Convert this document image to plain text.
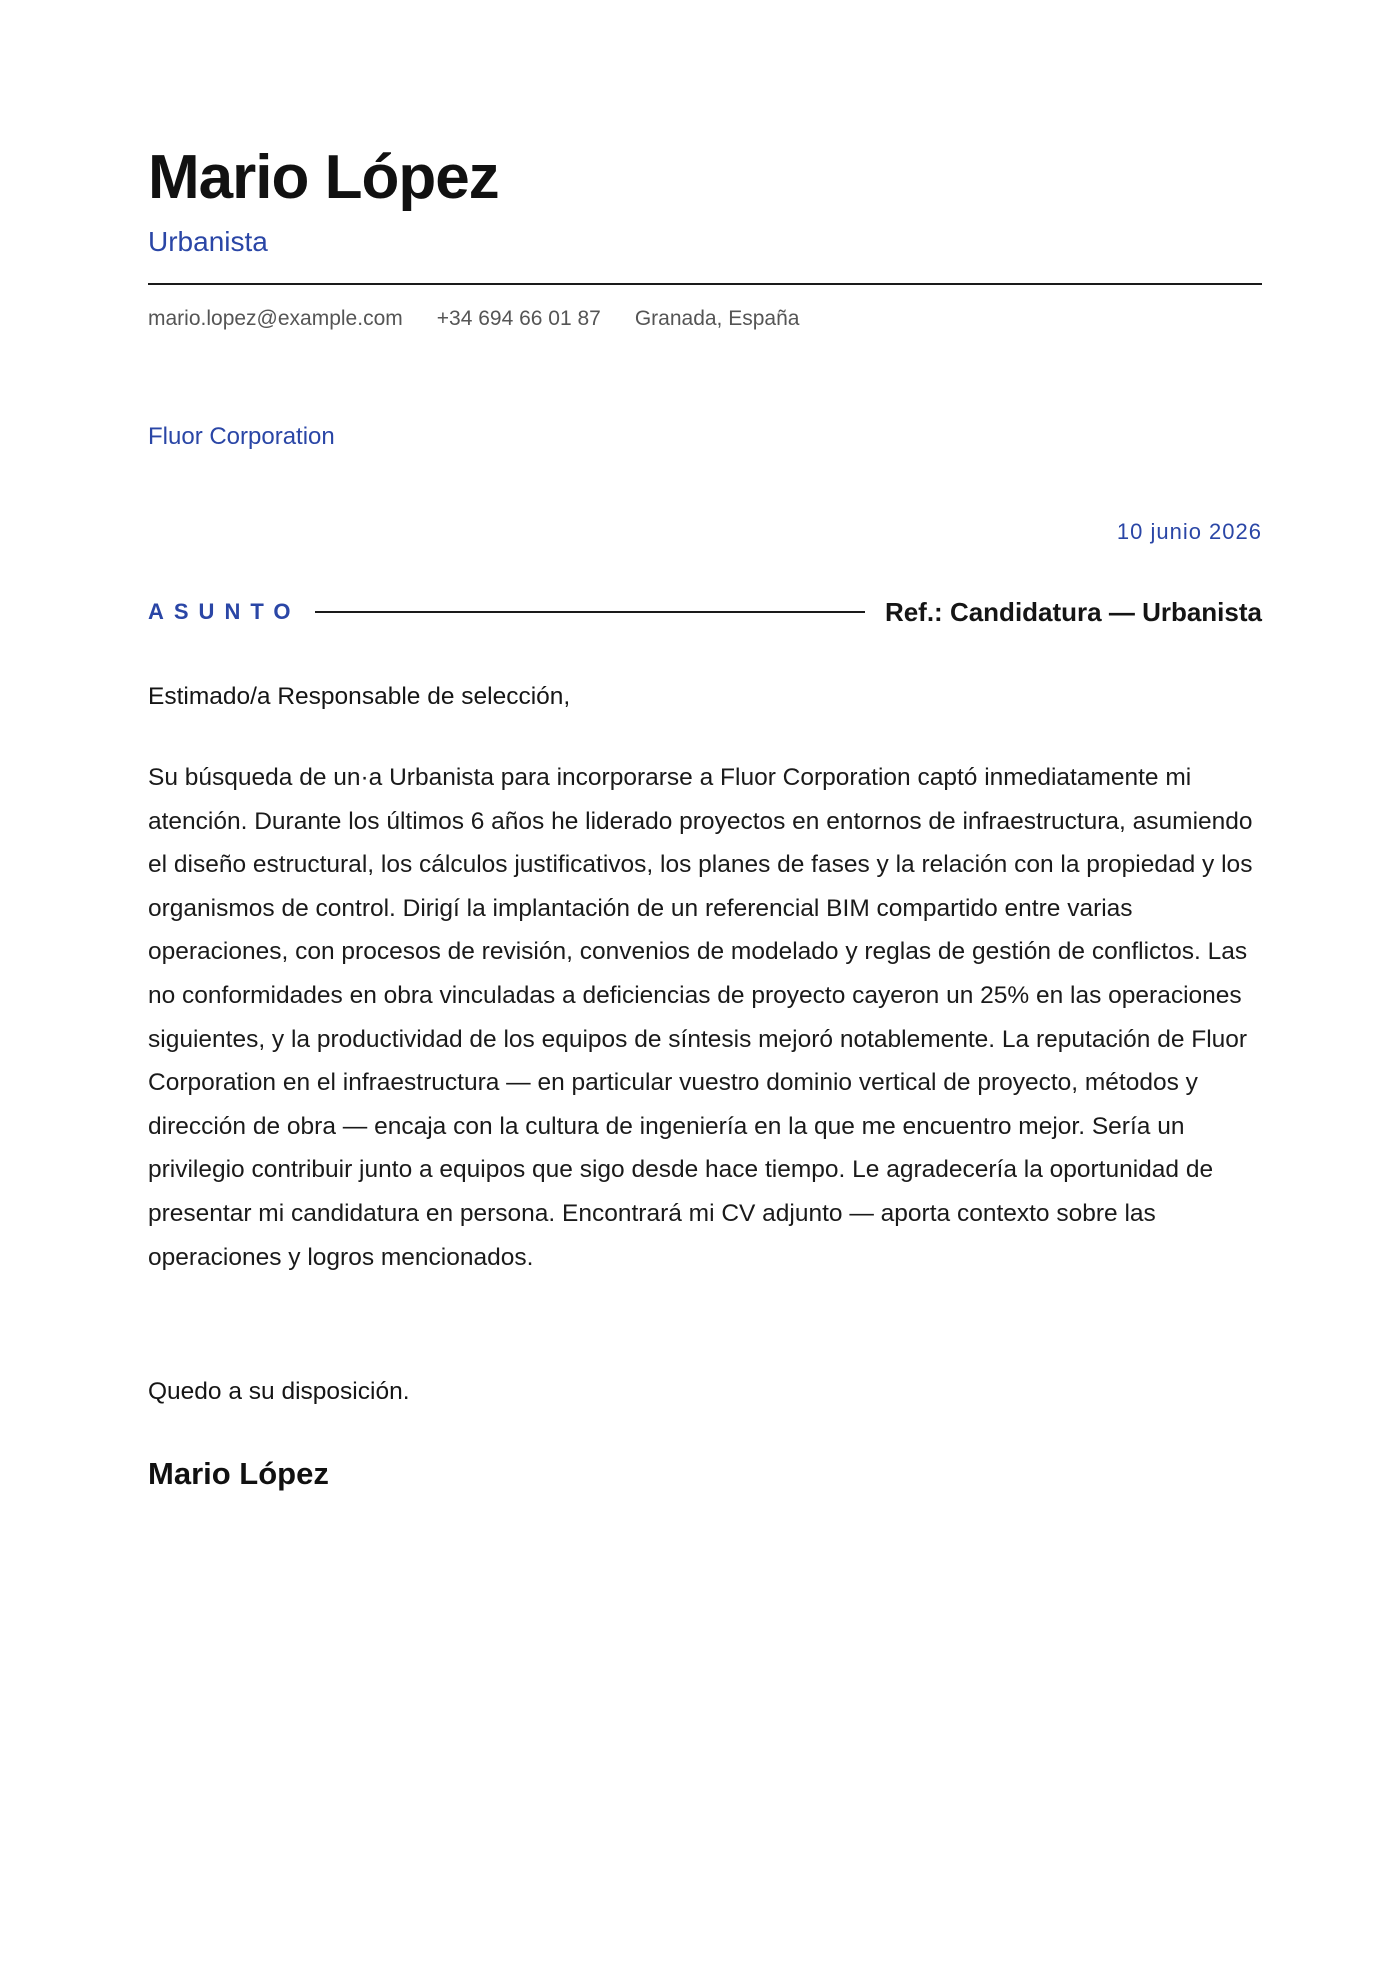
Mario López
Urbanista
mario.lopez@example.com +34 694 66 01 87 Granada, España
Fluor Corporation
10 junio 2026
ASUNTO	Ref.: Candidatura — Urbanista
Estimado/a Responsable de selección,
Su búsqueda de un·a Urbanista para incorporarse a Fluor Corporation captó inmediatamente mi atención. Durante los últimos 6 años he liderado proyectos en entornos de infraestructura, asumiendo el diseño estructural, los cálculos justificativos, los planes de fases y la relación con la propiedad y los organismos de control. Dirigí la implantación de un referencial BIM compartido entre varias operaciones, con procesos de revisión, convenios de modelado y reglas de gestión de conflictos. Las no conformidades en obra vinculadas a deficiencias de proyecto cayeron un 25% en las operaciones siguientes, y la productividad de los equipos de síntesis mejoró notablemente. La reputación de Fluor Corporation en el infraestructura — en particular vuestro dominio vertical de proyecto, métodos y dirección de obra — encaja con la cultura de ingeniería en la que me encuentro mejor. Sería un privilegio contribuir junto a equipos que sigo desde hace tiempo. Le agradecería la oportunidad de presentar mi candidatura en persona. Encontrará mi CV adjunto — aporta contexto sobre las operaciones y logros mencionados.
Quedo a su disposición.
Mario López
